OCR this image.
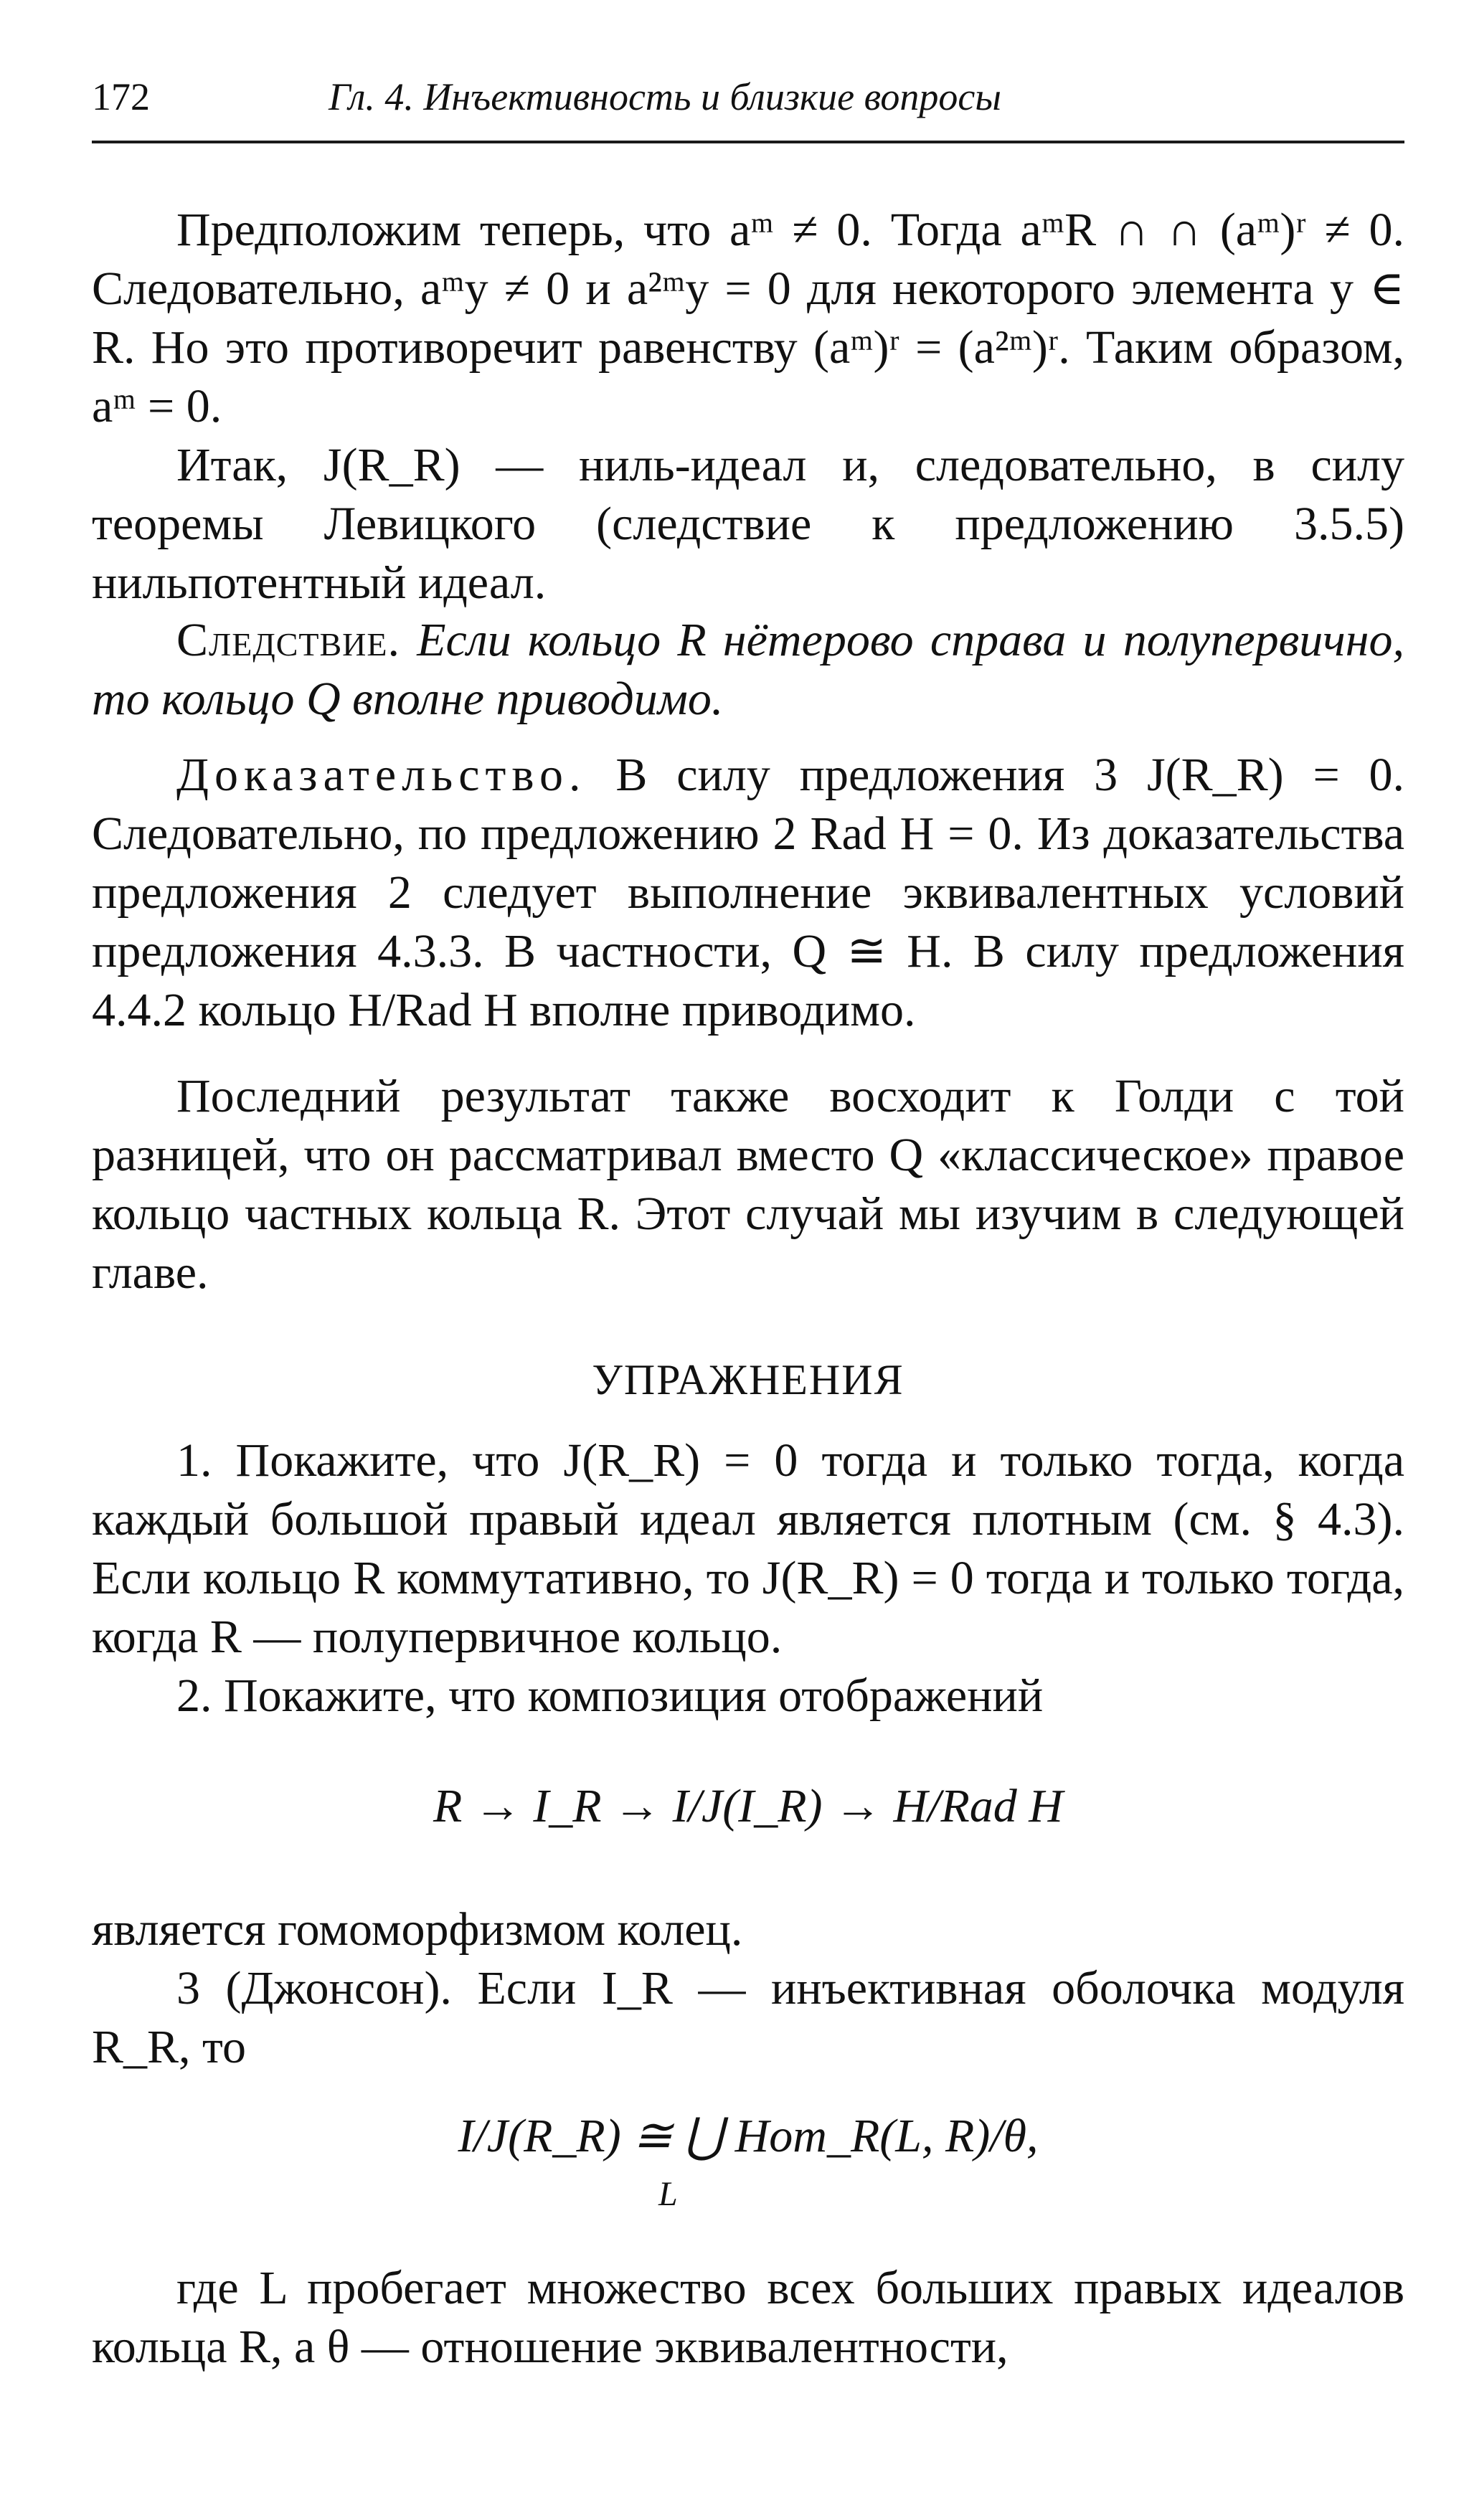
172	Гл. 4. Инъективность и близкие вопросы

Предположим теперь, что aᵐ ≠ 0. Тогда aᵐR ∩ ∩ (aᵐ)ʳ ≠ 0. Следовательно, aᵐy ≠ 0 и a²ᵐy = 0 для некоторого элемента y ∈ R. Но это противоречит равенству (aᵐ)ʳ = (a²ᵐ)ʳ. Таким образом, aᵐ = 0.

Итак, J(R_R) — ниль-идеал и, следовательно, в силу теоремы Левицкого (следствие к предложению 3.5.5) нильпотентный идеал.

Следствие. Если кольцо R нётерово справа и полупервично, то кольцо Q вполне приводимо.

Доказательство. В силу предложения 3 J(R_R) = 0. Следовательно, по предложению 2 Rad H = 0. Из доказательства предложения 2 следует выполнение эквивалентных условий предложения 4.3.3. В частности, Q ≅ H. В силу предложения 4.4.2 кольцо H/Rad H вполне приводимо.

Последний результат также восходит к Голди с той разницей, что он рассматривал вместо Q «классическое» правое кольцо частных кольца R. Этот случай мы изучим в следующей главе.

УПРАЖНЕНИЯ

1. Покажите, что J(R_R) = 0 тогда и только тогда, когда каждый большой правый идеал является плотным (см. § 4.3). Если кольцо R коммутативно, то J(R_R) = 0 тогда и только тогда, когда R — полупервичное кольцо.

2. Покажите, что композиция отображений

R → I_R → I/J(I_R) → H/Rad H

является гомоморфизмом колец.

3 (Джонсон). Если I_R — инъективная оболочка модуля R_R, то

I/J(R_R) ≅ ⋃ Hom_R(L, R)/θ,
L

где L пробегает множество всех больших правых идеалов кольца R, а θ — отношение эквивалентности,
